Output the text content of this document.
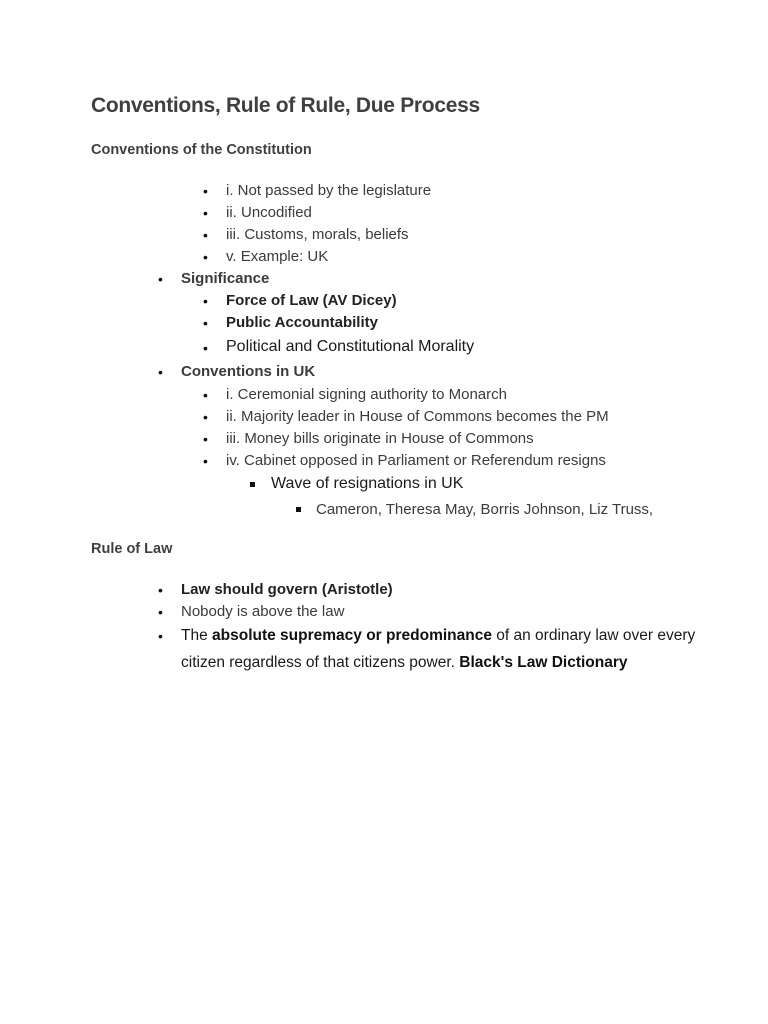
Conventions, Rule of Rule, Due Process
Conventions of the Constitution
• i. Not passed by the legislature
• ii. Uncodified
• iii. Customs, morals, beliefs
• v. Example: UK
• Significance
• Force of Law (AV Dicey)
• Public Accountability
• Political and Constitutional Morality
• Conventions in UK
• i. Ceremonial signing authority to Monarch
• ii. Majority leader in House of Commons becomes the PM
• iii. Money bills originate in House of Commons
• iv. Cabinet opposed in Parliament or Referendum resigns
Wave of resignations in UK
Cameron, Theresa May, Borris Johnson, Liz Truss,
Rule of Law
• Law should govern (Aristotle)
• Nobody is above the law
• The absolute supremacy or predominance of an ordinary law over every citizen regardless of that citizens power. Black's Law Dictionary
